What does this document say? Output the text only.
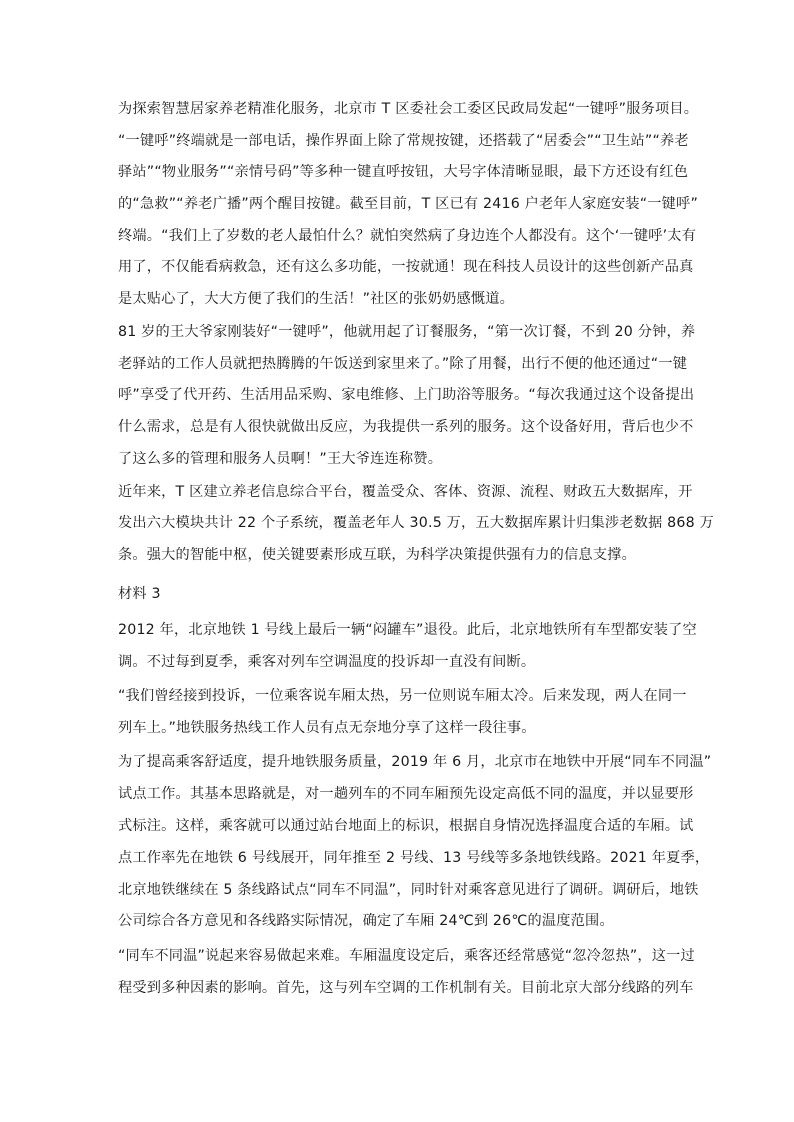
为探索智慧居家养老精准化服务，北京市 T 区委社会工委区民政局发起“一键呼”服务项目。
“一键呼”终端就是一部电话，操作界面上除了常规按键，还搭载了“居委会”“卫生站”“养老
驿站”“物业服务”“亲情号码”等多种一键直呼按钮，大号字体清晰显眼，最下方还设有红色
的“急救”“养老广播”两个醒目按键。截至目前，T 区已有 2416 户老年人家庭安装“一键呼”
终端。“我们上了岁数的老人最怕什么？就怕突然病了身边连个人都没有。这个‘一键呼’太有
用了，不仅能看病救急，还有这么多功能，一按就通！现在科技人员设计的这些创新产品真
是太贴心了，大大方便了我们的生活！”社区的张奶奶感慨道。
81 岁的王大爷家刚装好“一键呼”，他就用起了订餐服务，“第一次订餐，不到 20 分钟，养
老驿站的工作人员就把热腾腾的午饭送到家里来了。”除了用餐，出行不便的他还通过“一键
呼”享受了代开药、生活用品采购、家电维修、上门助浴等服务。“每次我通过这个设备提出
什么需求，总是有人很快就做出反应，为我提供一系列的服务。这个设备好用，背后也少不
了这么多的管理和服务人员啊！”王大爷连连称赞。
近年来，T 区建立养老信息综合平台，覆盖受众、客体、资源、流程、财政五大数据库，开
发出六大模块共计 22 个子系统，覆盖老年人 30.5 万，五大数据库累计归集涉老数据 868 万
条。强大的智能中枢，使关键要素形成互联，为科学决策提供强有力的信息支撑。
材料 3
2012 年，北京地铁 1 号线上最后一辆“闷罐车”退役。此后，北京地铁所有车型都安装了空
调。不过每到夏季，乘客对列车空调温度的投诉却一直没有间断。
“我们曾经接到投诉，一位乘客说车厢太热，另一位则说车厢太冷。后来发现，两人在同一
列车上。”地铁服务热线工作人员有点无奈地分享了这样一段往事。
为了提高乘客舒适度，提升地铁服务质量，2019 年 6 月，北京市在地铁中开展“同车不同温”
试点工作。其基本思路就是，对一趟列车的不同车厢预先设定高低不同的温度，并以显要形
式标注。这样，乘客就可以通过站台地面上的标识，根据自身情况选择温度合适的车厢。试
点工作率先在地铁 6 号线展开，同年推至 2 号线、13 号线等多条地铁线路。2021 年夏季，
北京地铁继续在 5 条线路试点“同车不同温”，同时针对乘客意见进行了调研。调研后，地铁
公司综合各方意见和各线路实际情况，确定了车厢 24℃到 26℃的温度范围。
“同车不同温”说起来容易做起来难。车厢温度设定后，乘客还经常感觉“忽冷忽热”，这一过
程受到多种因素的影响。首先，这与列车空调的工作机制有关。目前北京大部分线路的列车
